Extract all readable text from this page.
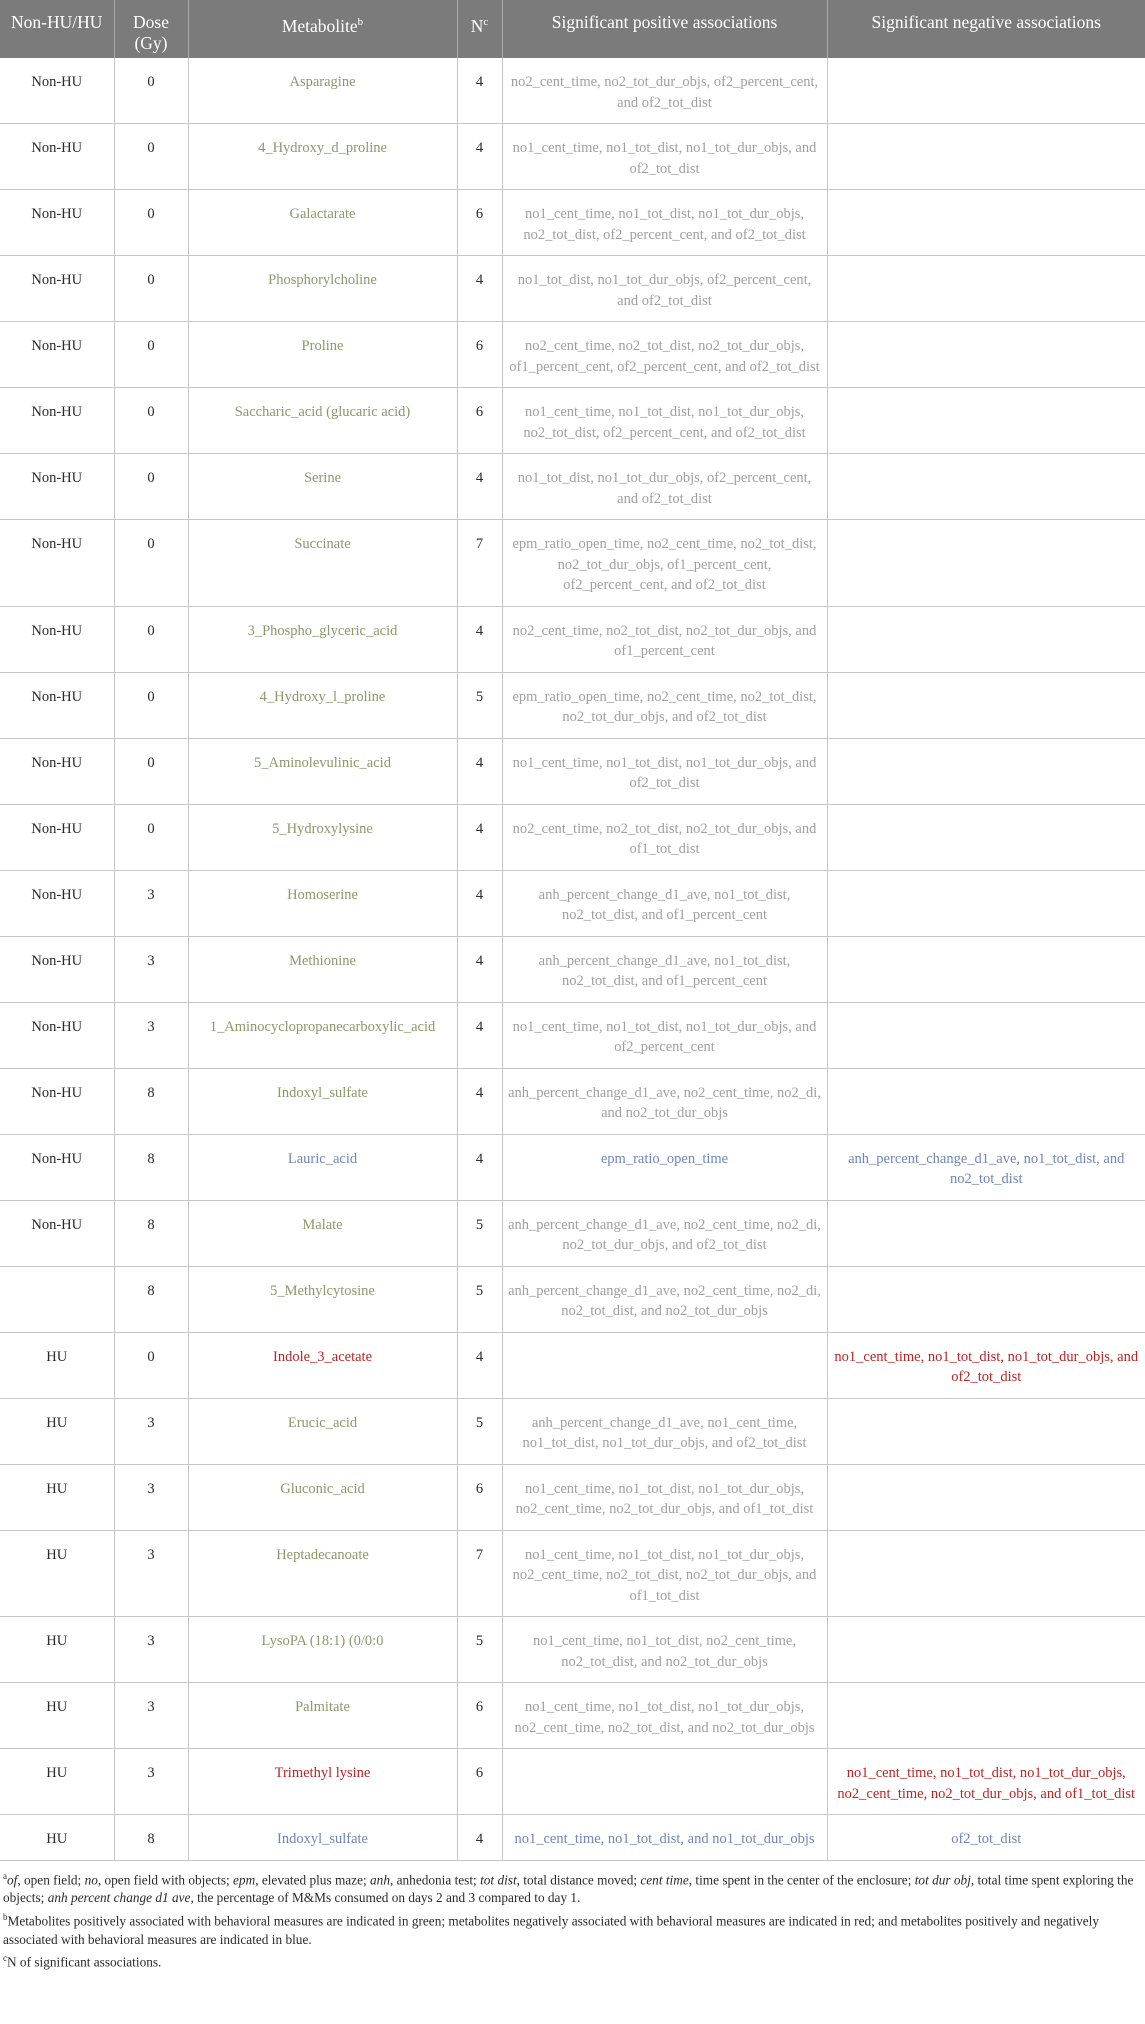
Non-HU/HU	Dose (Gy)	Metabolite$^b$	$N^c$	Significant positive associations	Significant negative associations
Non-HU	0	Asparagine	4	no2_cent_time, no2_tot_dur_objs, of2_percent_cent, and of2_tot_dist	
Non-HU	0	4_Hydroxy_d_proline	4	no1_cent_time, no1_tot_dist, no1_tot_dur_objs, and of2_tot_dist	
Non-HU	0	Galactarate	6	no1_cent_time, no1_tot_dist, no1_tot_dur_objs, no2_tot_dist, of2_percent_cent, and of2_tot_dist	
Non-HU	0	Phosphorylcholine	4	no1_tot_dist, no1_tot_dur_objs, of2_percent_cent, and of2_tot_dist	
Non-HU	0	Proline	6	no2_cent_time, no2_tot_dist, no2_tot_dur_objs, of1_percent_cent, of2_percent_cent, and of2_tot_dist	
Non-HU	0	Saccharic_acid (glucaric acid)	6	no1_cent_time, no1_tot_dist, no1_tot_dur_objs, no2_tot_dist, of2_percent_cent, and of2_tot_dist	
Non-HU	0	Serine	4	no1_tot_dist, no1_tot_dur_objs, of2_percent_cent, and of2_tot_dist	
Non-HU	0	Succinate	7	epm_ratio_open_time, no2_cent_time, no2_tot_dist, no2_tot_dur_objs, of1_percent_cent, of2_percent_cent, and of2_tot_dist	
Non-HU	0	3_Phospho_glyceric_acid	4	no2_cent_time, no2_tot_dist, no2_tot_dur_objs, and of1_percent_cent	
Non-HU	0	4_Hydroxy_l_proline	5	epm_ratio_open_time, no2_cent_time, no2_tot_dist, no2_tot_dur_objs, and of2_tot_dist	
Non-HU	0	5_Aminolevulinic_acid	4	no1_cent_time, no1_tot_dist, no1_tot_dur_objs, and of2_tot_dist	
Non-HU	0	5_Hydroxylysine	4	no2_cent_time, no2_tot_dist, no2_tot_dur_objs, and of1_tot_dist	
Non-HU	3	Homoserine	4	anh_percent_change_d1_ave, no1_tot_dist, no2_tot_dist, and of1_percent_cent	
Non-HU	3	Methionine	4	anh_percent_change_d1_ave, no1_tot_dist, no2_tot_dist, and of1_percent_cent	
Non-HU	3	1_Aminocyclopropanecarboxylic_acid	4	no1_cent_time, no1_tot_dist, no1_tot_dur_objs, and of2_percent_cent	
Non-HU	8	Indoxyl_sulfate	4	anh_percent_change_d1_ave, no2_cent_time, no2_di, and no2_tot_dur_objs	
Non-HU	8	Lauric_acid	4	epm_ratio_open_time	anh_percent_change_d1_ave, no1_tot_dist, and no2_tot_dist
Non-HU	8	Malate	5	anh_percent_change_d1_ave, no2_cent_time, no2_di, no2_tot_dur_objs, and of2_tot_dist	
	8	5_Methylcytosine	5	anh_percent_change_d1_ave, no2_cent_time, no2_di, no2_tot_dist, and no2_tot_dur_objs	
HU	0	Indole_3_acetate	4		no1_cent_time, no1_tot_dist, no1_tot_dur_objs, and of2_tot_dist
HU	3	Erucic_acid	5	anh_percent_change_d1_ave, no1_cent_time, no1_tot_dist, no1_tot_dur_objs, and of2_tot_dist	
HU	3	Gluconic_acid	6	no1_cent_time, no1_tot_dist, no1_tot_dur_objs, no2_cent_time, no2_tot_dur_objs, and of1_tot_dist	
HU	3	Heptadecanoate	7	no1_cent_time, no1_tot_dist, no1_tot_dur_objs, no2_cent_time, no2_tot_dist, no2_tot_dur_objs, and of1_tot_dist	
HU	3	LysoPA (18:1) (0/0:0	5	no1_cent_time, no1_tot_dist, no2_cent_time, no2_tot_dist, and no2_tot_dur_objs	
HU	3	Palmitate	6	no1_cent_time, no1_tot_dist, no1_tot_dur_objs, no2_cent_time, no2_tot_dist, and no2_tot_dur_objs	
HU	3	Trimethyl lysine	6		no1_cent_time, no1_tot_dist, no1_tot_dur_objs, no2_cent_time, no2_tot_dur_objs, and of1_tot_dist
HU	8	Indoxyl_sulfate	4	no1_cent_time, no1_tot_dist, and no1_tot_dur_objs	of2_tot_dist

$^a$of, open field; no, open field with objects; epm, elevated plus maze; anh, anhedonia test; tot dist, total distance moved; cent time, time spent in the center of the enclosure; tot dur obj, total time spent exploring the objects; anh percent change d1 ave, the percentage of M&Ms consumed on days 2 and 3 compared to day 1.

$^b$Metabolites positively associated with behavioral measures are indicated in green; metabolites negatively associated with behavioral measures are indicated in red; and metabolites positively and negatively associated with behavioral measures are indicated in blue.

$^c$N of significant associations.
